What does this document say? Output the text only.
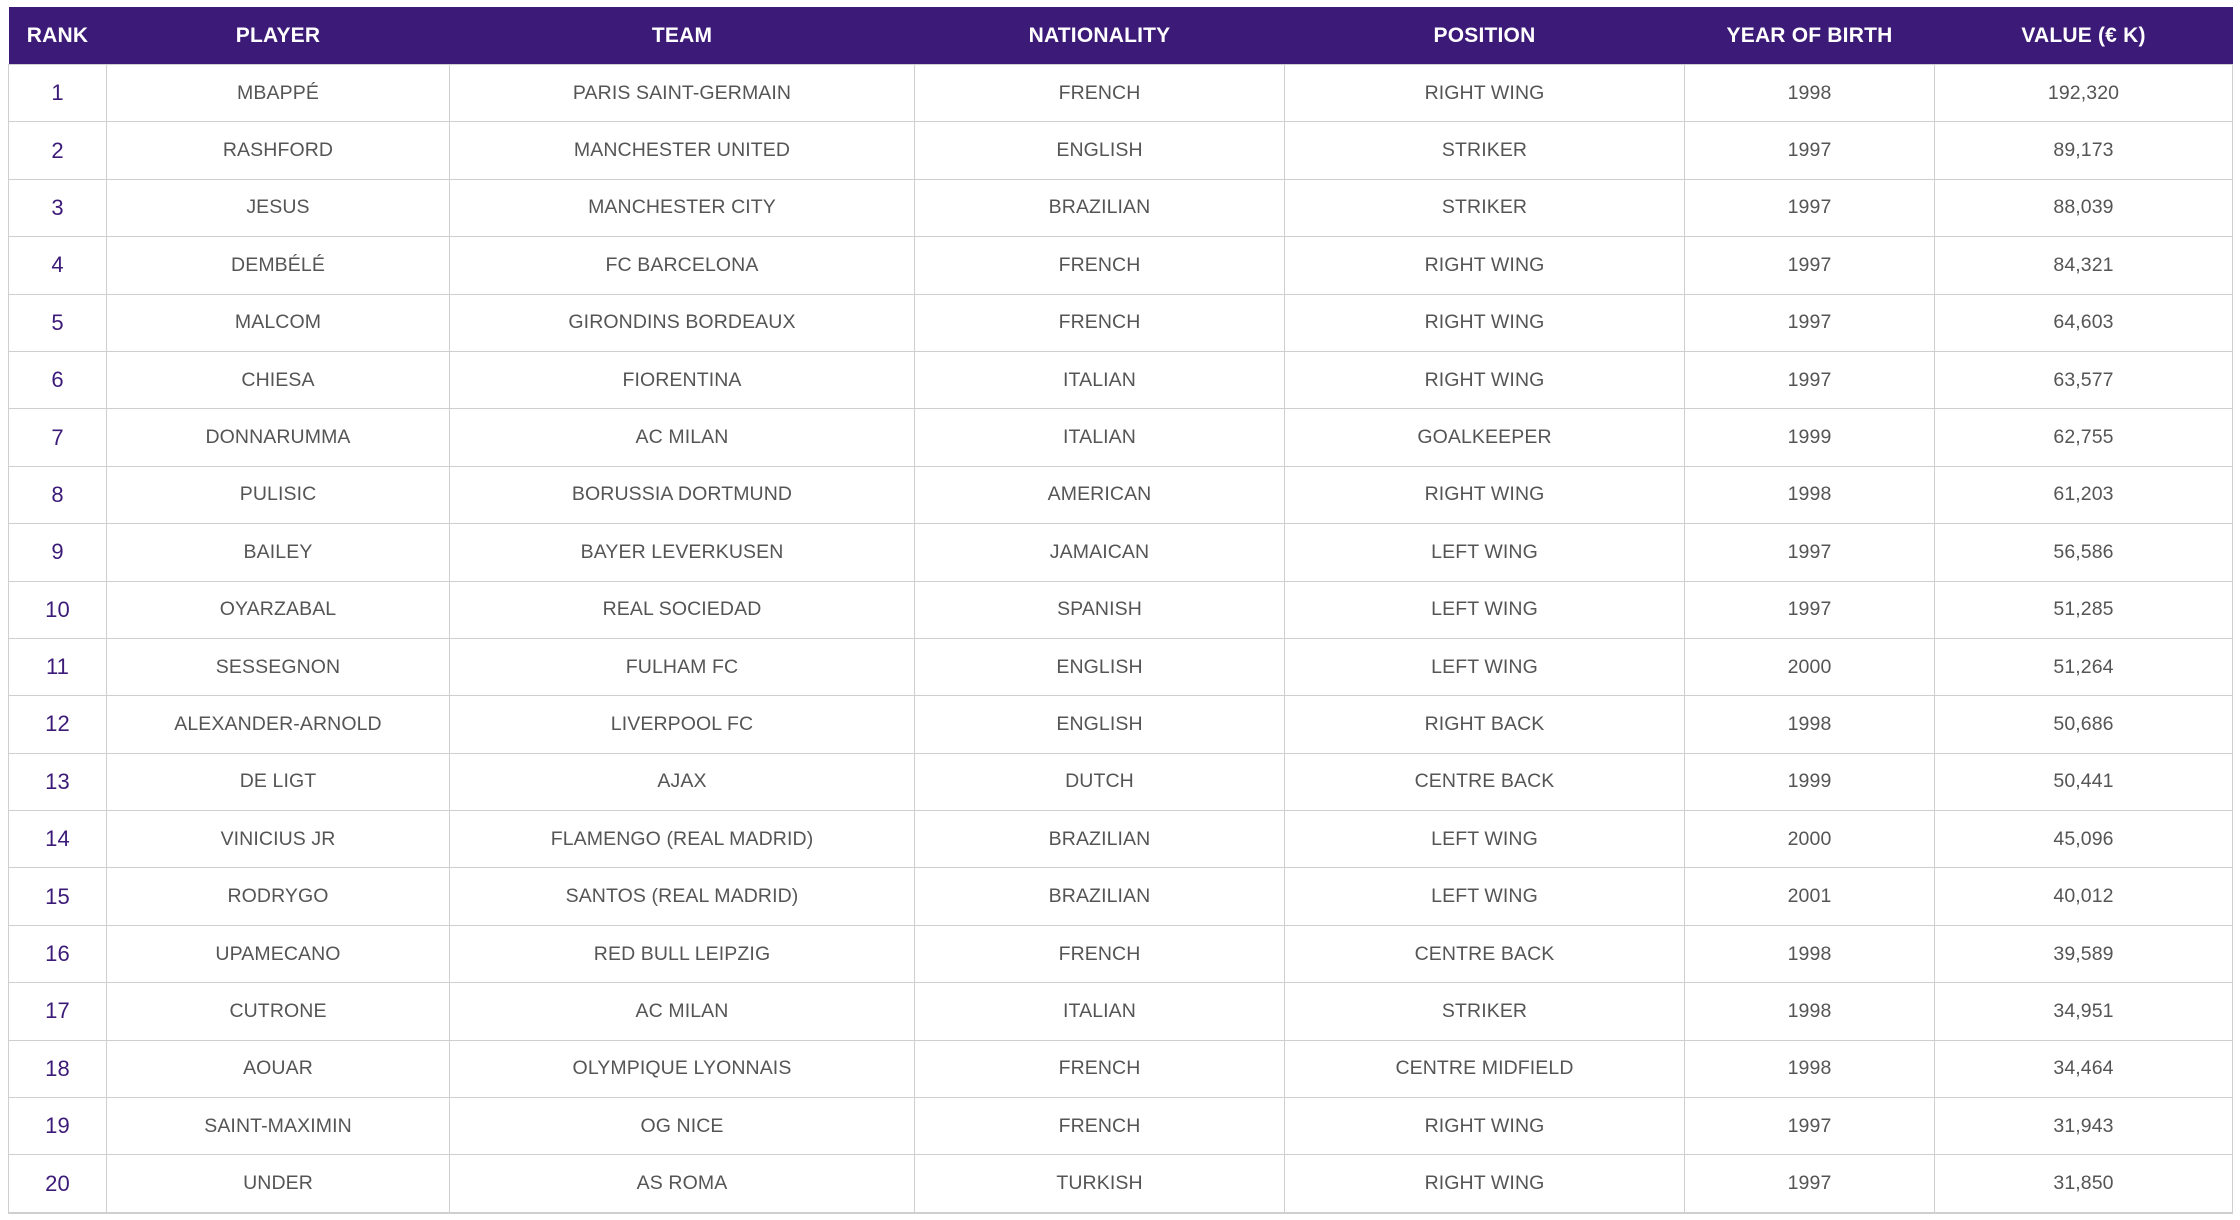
RANK	PLAYER	TEAM	NATIONALITY	POSITION	YEAR OF BIRTH	VALUE (€ K)
1	MBAPPÉ	PARIS SAINT-GERMAIN	FRENCH	RIGHT WING	1998	192,320
2	RASHFORD	MANCHESTER UNITED	ENGLISH	STRIKER	1997	89,173
3	JESUS	MANCHESTER CITY	BRAZILIAN	STRIKER	1997	88,039
4	DEMBÉLÉ	FC BARCELONA	FRENCH	RIGHT WING	1997	84,321
5	MALCOM	GIRONDINS BORDEAUX	FRENCH	RIGHT WING	1997	64,603
6	CHIESA	FIORENTINA	ITALIAN	RIGHT WING	1997	63,577
7	DONNARUMMA	AC MILAN	ITALIAN	GOALKEEPER	1999	62,755
8	PULISIC	BORUSSIA DORTMUND	AMERICAN	RIGHT WING	1998	61,203
9	BAILEY	BAYER LEVERKUSEN	JAMAICAN	LEFT WING	1997	56,586
10	OYARZABAL	REAL SOCIEDAD	SPANISH	LEFT WING	1997	51,285
11	SESSEGNON	FULHAM FC	ENGLISH	LEFT WING	2000	51,264
12	ALEXANDER-ARNOLD	LIVERPOOL FC	ENGLISH	RIGHT BACK	1998	50,686
13	DE LIGT	AJAX	DUTCH	CENTRE BACK	1999	50,441
14	VINICIUS JR	FLAMENGO (REAL MADRID)	BRAZILIAN	LEFT WING	2000	45,096
15	RODRYGO	SANTOS (REAL MADRID)	BRAZILIAN	LEFT WING	2001	40,012
16	UPAMECANO	RED BULL LEIPZIG	FRENCH	CENTRE BACK	1998	39,589
17	CUTRONE	AC MILAN	ITALIAN	STRIKER	1998	34,951
18	AOUAR	OLYMPIQUE LYONNAIS	FRENCH	CENTRE MIDFIELD	1998	34,464
19	SAINT-MAXIMIN	OG NICE	FRENCH	RIGHT WING	1997	31,943
20	UNDER	AS ROMA	TURKISH	RIGHT WING	1997	31,850
